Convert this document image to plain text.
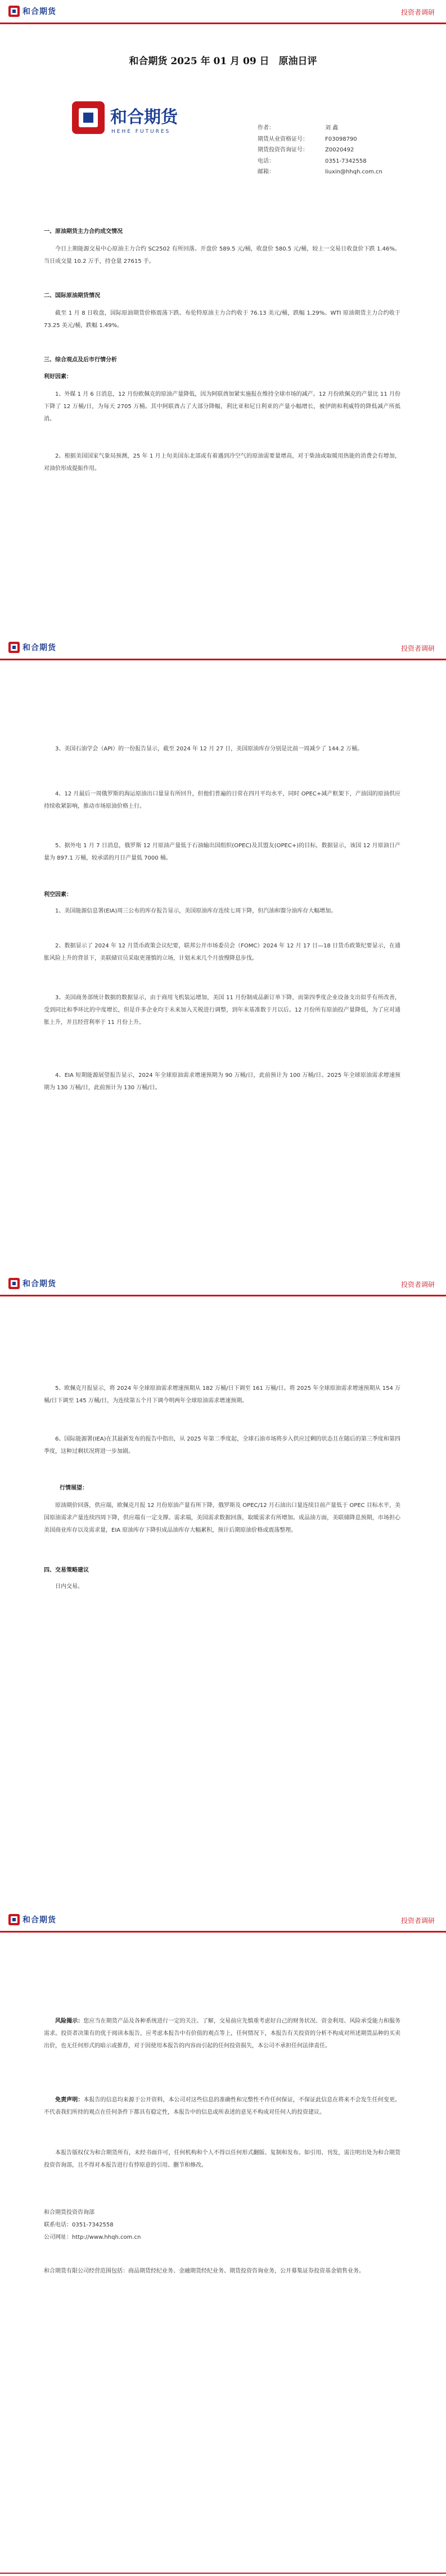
和合期货	投资者调研
和合期货	投资者调研
和合期货	投资者调研
和合期货	投资者调研
和合期货 2025 年 01 月 09 日　原油日评
和合期货
HEHE FUTURES
作者：	刘 鑫
期货从业资格证号：	F03098790
期货投资咨询证号：	Z0020492
电话：	0351-7342558
邮箱：	liuxin@hhqh.com.cn
一、原油期货主力合约成交情况
今日上期能源交易中心原油主力合约 SC2502 有所回落。开盘价 589.5 元/桶，收盘价 580.5 元/桶，较上一交易日收盘价下跌 1.46%。当日成交量 10.2 万手，持仓量 27615 手。
二、国际原油期货情况
截至 1 月 8 日收盘，国际原油期货价格震荡下跌。布伦特原油主力合约收于 76.13 美元/桶，跌幅 1.29%。WTI 原油期货主力合约收于 73.25 美元/桶，跌幅 1.49%。
三、综合观点及后市行情分析
利好因素：
1、外媒 1 月 6 日消息，12 月份欧佩克的原油产量降低，因为阿联酋加紧实施报在维持全球市场的减产。12 月份欧佩克的产量比 11 月份下降了 12 万桶/日，为每天 2705 万桶。其中阿联酋占了大部分降幅，利比亚和尼日利亚的产量小幅增长，被伊朗和利威特的降低减产所抵消。
2、根据美国国家气象局预测，25 年 1 月上旬美国东北部或有着遇到冷空气的原油需要量增高，对于柴油或取暖用热能的消费会有增加，对油价形成提振作用。
3、美国石油学会（API）的一份报告显示，截至 2024 年 12 月 27 日，美国原油库存分别是比前一周减少了 144.2 万桶。
4、12 月最后一周俄罗斯的海运原油出口量显有所回升，但他们普遍的日常在四月平均水平，同时 OPEC+减产框架下，产油国的原油供应持续收紧影响，推动市场原油价格上行。
5、据外电 1 月 7 日消息，俄罗斯 12 月原油产量低于石油输出国组织(OPEC)及其盟友(OPEC+)的目标，数据显示，该国 12 月原油日产量为 897.1 万桶，较承诺的月日产量低 7000 桶。
利空因素：
1、美国能源信息署(EIA)周三公布的库存报告显示，美国原油库存连续七周下降，但汽油和馏分油库存大幅增加。
2、数据显示了 2024 年 12 月货币政策会议纪要，联邦公开市场委员会（FOMC）2024 年 12 月 17 日—18 日货币政策纪要显示，在通胀风险上升的背景下，美联储官员采取更谨慎的立场，计划未来几个月放慢降息步伐。
3、美国商务部统计数据的数据显示，由于商用飞机装运增加，美国 11 月份制成品新订单下降，而第四季度企业设备支出似乎有所改善，受到同比和季环比的中度增长，但是许多企业均于未来加入关税进行调整，到年末基准数于月以后。12 月份所有原油投产量降低，为了应对通胀上升，并且经营利率于 11 月份上升。
4、EIA 短期能源展望报告显示，2024 年全球原油需求增速预期为 90 万桶/日，此前预计为 100 万桶/日。2025 年全球原油需求增速预期为 130 万桶/日，此前预计为 130 万桶/日。
5、欧佩克月报显示，将 2024 年全球原油需求增速预期从 182 万桶/日下调至 161 万桶/日。将 2025 年全球原油需求增速预期从 154 万桶/日下调至 145 万桶/日，为连续第五个月下调今明两年全球原油需求增速预期。
6、国际能源署(IEA)在其最新发布的报告中指出，从 2025 年第二季度起，全球石油市场将步入供应过剩的状态且在随后的第三季度和第四季度，这种过剩状况将进一步加剧。
行情展望：
原油期价回落，供应端，欧佩克月报 12 月份原油产量有所下降，俄罗斯及 OPEC/12 月石油出口量连续目前产量低于 OPEC 目标水平，美国原油需求产量连续四周下降，供应端有一定支撑。需求端，美国需求数据回落，取暖需求有所增加。成品油方面，美联储降息预期，市场担心美国商业库存以及需求量，EIA 原油库存下降但成品油库存大幅累积，预计后期原油价格或震荡整理。
四、交易策略建议
日内交易。
风险揭示：您应当在期货产品及各种系统进行一定的关注、了解，交易前应先慎重考虑好自己的财务状况、资金利用、风险承受能力和服务需求。投资者决策有的优于阅读本报告，应考虑本报告中有价值的观点等上，任何情况下，本报告有关投资的分析不构成对所述期货品种的买卖出价，也无任何形式的暗示或推荐，对于因使用本报告的内容而引起的任何投资损失，本公司不承担任何法律责任。
免责声明：本报告的信息均来源于公开资料，本公司对这些信息的准确性和完整性不作任何保证，不保证此信息在将来不会发生任何变更。不代表我们所持的观点在任何条件下都具有稳定性，本报告中的信息或所表述的意见不构成对任何人的投资建议。
本报告版权仅为和合期货所有，未经书面许可，任何机构和个人不得以任何形式翻版、复制和发布。如引用、刊发，需注明出处为和合期货投资咨询部，且不得对本报告进行有悖原意的引用、删节和修改。
和合期货投资咨询部
联系电话：0351-7342558
公司网址：http://www.hhqh.com.cn
和合期货有限公司经营范围包括：商品期货经纪业务、金融期货经纪业务、期货投资咨询业务，公开募集证券投资基金销售业务。
